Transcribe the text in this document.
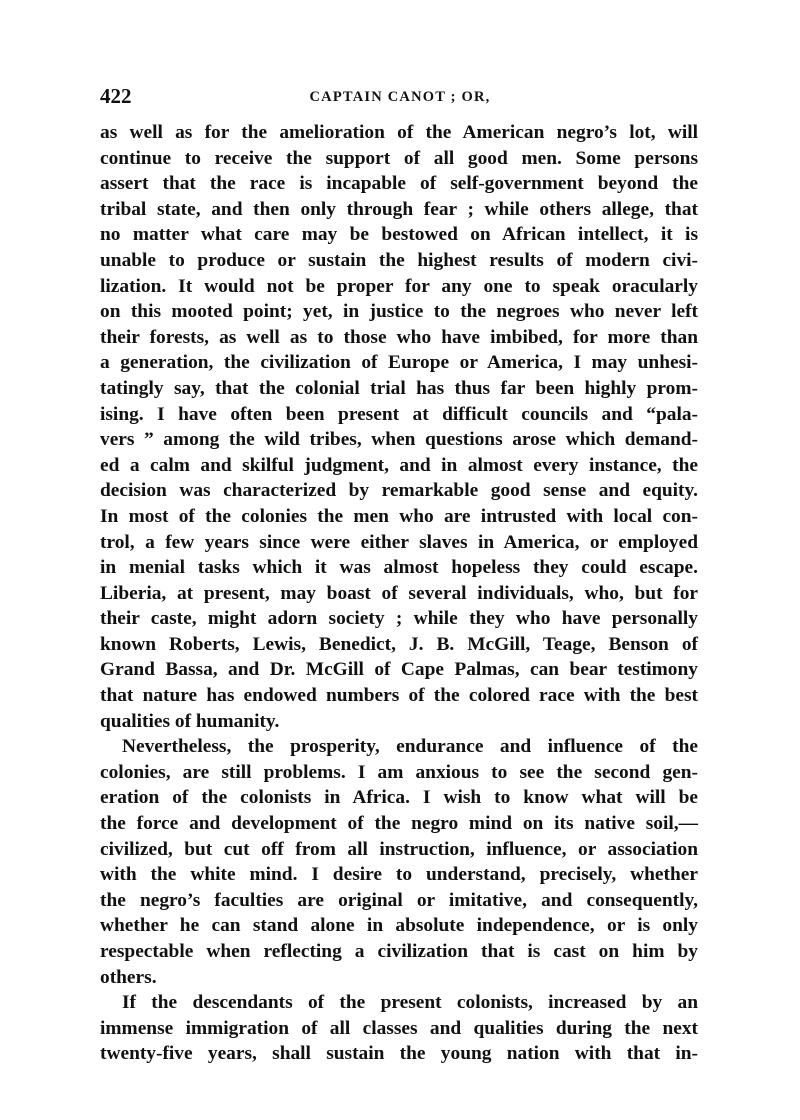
422	CAPTAIN CANOT ; OR,
as well as for the amelioration of the American negro’s lot, will
continue to receive the support of all good men. Some persons
assert that the race is incapable of self-government beyond the
tribal state, and then only through fear ; while others allege, that
no matter what care may be bestowed on African intellect, it is
unable to produce or sustain the highest results of modern civi-
lization. It would not be proper for any one to speak oracularly
on this mooted point; yet, in justice to the negroes who never left
their forests, as well as to those who have imbibed, for more than
a generation, the civilization of Europe or America, I may unhesi-
tatingly say, that the colonial trial has thus far been highly prom-
ising. I have often been present at difficult councils and “pala-
vers ” among the wild tribes, when questions arose which demand-
ed a calm and skilful judgment, and in almost every instance, the
decision was characterized by remarkable good sense and equity.
In most of the colonies the men who are intrusted with local con-
trol, a few years since were either slaves in America, or employed
in menial tasks which it was almost hopeless they could escape.
Liberia, at present, may boast of several individuals, who, but for
their caste, might adorn society ; while they who have personally
known Roberts, Lewis, Benedict, J. B. McGill, Teage, Benson of
Grand Bassa, and Dr. McGill of Cape Palmas, can bear testimony
that nature has endowed numbers of the colored race with the best
qualities of humanity.
Nevertheless, the prosperity, endurance and influence of the
colonies, are still problems. I am anxious to see the second gen-
eration of the colonists in Africa. I wish to know what will be
the force and development of the negro mind on its native soil,—
civilized, but cut off from all instruction, influence, or association
with the white mind. I desire to understand, precisely, whether
the negro’s faculties are original or imitative, and consequently,
whether he can stand alone in absolute independence, or is only
respectable when reflecting a civilization that is cast on him by
others.
If the descendants of the present colonists, increased by an
immense immigration of all classes and qualities during the next
twenty-five years, shall sustain the young nation with that in-
